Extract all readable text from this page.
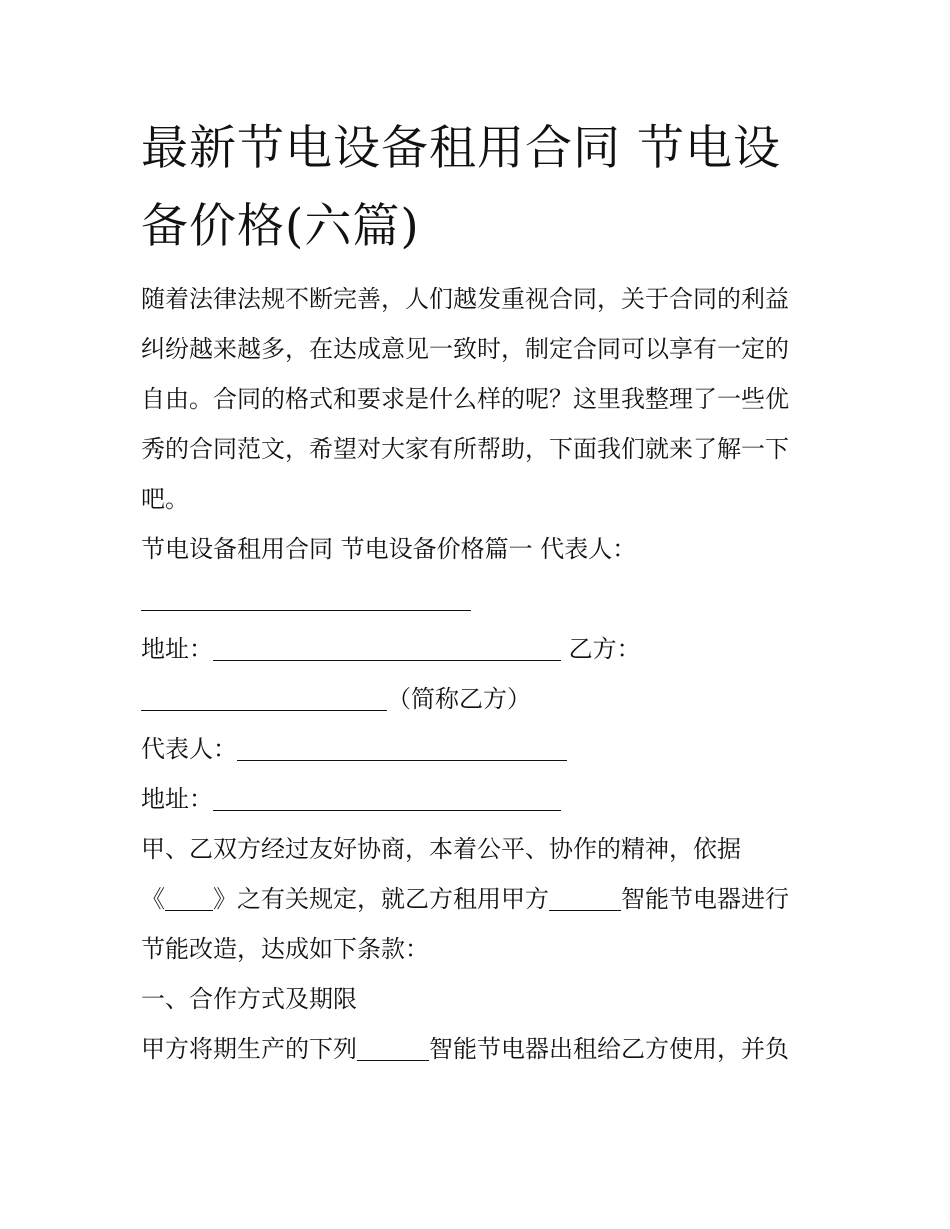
最新节电设备租用合同 节电设
备价格(六篇)
随着法律法规不断完善，人们越发重视合同，关于合同的利益
纠纷越来越多，在达成意见一致时，制定合同可以享有一定的
自由。合同的格式和要求是什么样的呢？这里我整理了一些优
秀的合同范文，希望对大家有所帮助，下面我们就来了解一下
吧。
节电设备租用合同 节电设备价格篇一 代表人：
地址：	乙方：
（简称乙方）
代表人：
地址：
甲、乙双方经过友好协商，本着公平、协作的精神，依据
《 》之有关规定，就乙方租用甲方	智能节电器进行
节能改造，达成如下条款：
一、合作方式及期限
甲方将期生产的下列	智能节电器出租给乙方使用，并负
